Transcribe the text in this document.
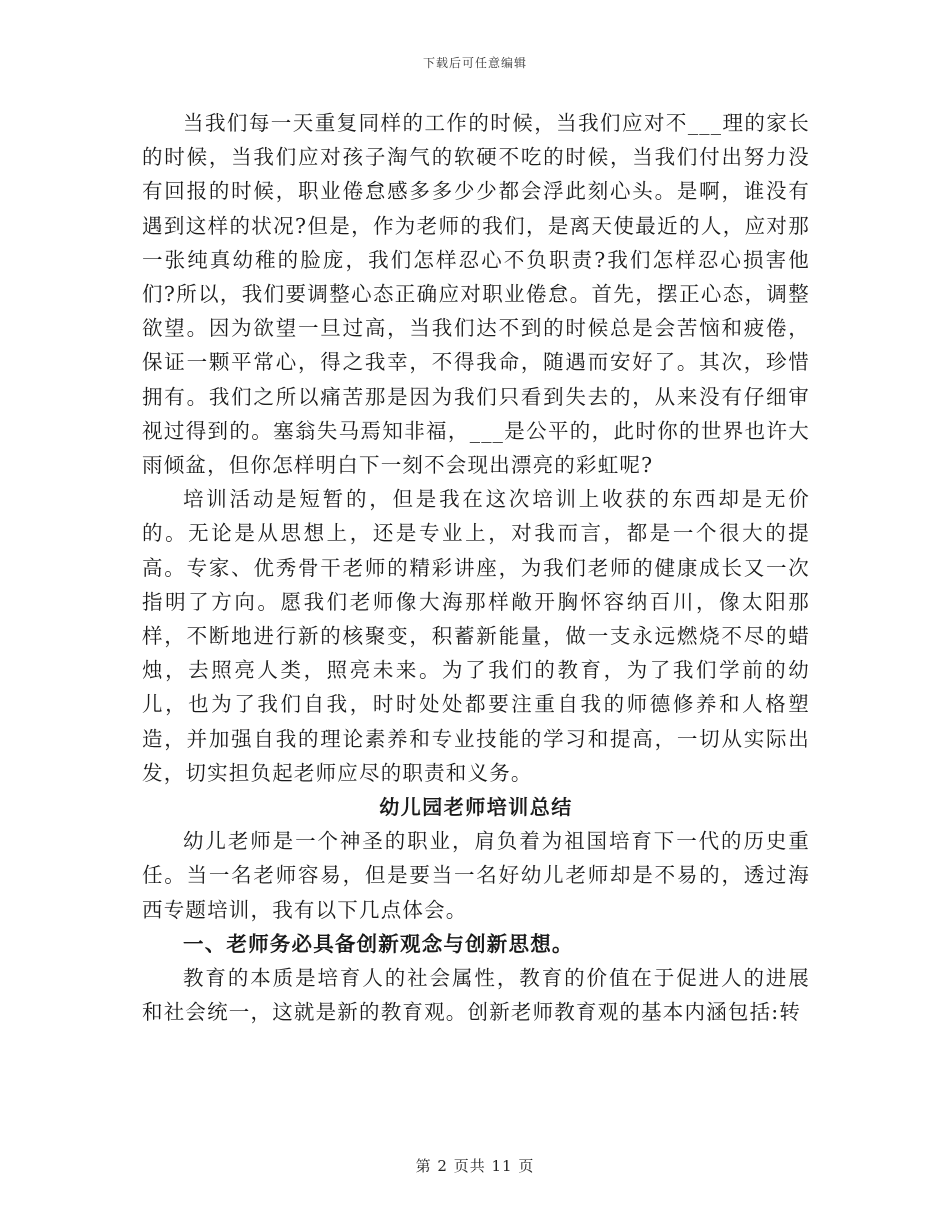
下载后可任意编辑

当我们每一天重复同样的工作的时候，当我们应对不___理的家长的时候，当我们应对孩子淘气的软硬不吃的时候，当我们付出努力没有回报的时候，职业倦怠感多多少少都会浮此刻心头。是啊，谁没有遇到这样的状况?但是，作为老师的我们，是离天使最近的人，应对那一张纯真幼稚的脸庞，我们怎样忍心不负职责?我们怎样忍心损害他们?所以，我们要调整心态正确应对职业倦怠。首先，摆正心态，调整欲望。因为欲望一旦过高，当我们达不到的时候总是会苦恼和疲倦，保证一颗平常心，得之我幸，不得我命，随遇而安好了。其次，珍惜拥有。我们之所以痛苦那是因为我们只看到失去的，从来没有仔细审视过得到的。塞翁失马焉知非福，___是公平的，此时你的世界也许大雨倾盆，但你怎样明白下一刻不会现出漂亮的彩虹呢?

培训活动是短暂的，但是我在这次培训上收获的东西却是无价的。无论是从思想上，还是专业上，对我而言，都是一个很大的提高。专家、优秀骨干老师的精彩讲座，为我们老师的健康成长又一次指明了方向。愿我们老师像大海那样敞开胸怀容纳百川，像太阳那样，不断地进行新的核聚变，积蓄新能量，做一支永远燃烧不尽的蜡烛，去照亮人类，照亮未来。为了我们的教育，为了我们学前的幼儿，也为了我们自我，时时处处都要注重自我的师德修养和人格塑造，并加强自我的理论素养和专业技能的学习和提高，一切从实际出发，切实担负起老师应尽的职责和义务。

幼儿园老师培训总结

幼儿老师是一个神圣的职业，肩负着为祖国培育下一代的历史重任。当一名老师容易，但是要当一名好幼儿老师却是不易的，透过海西专题培训，我有以下几点体会。

一、老师务必具备创新观念与创新思想。

教育的本质是培育人的社会属性，教育的价值在于促进人的进展和社会统一，这就是新的教育观。创新老师教育观的基本内涵包括:转

第 2 页共 11 页
